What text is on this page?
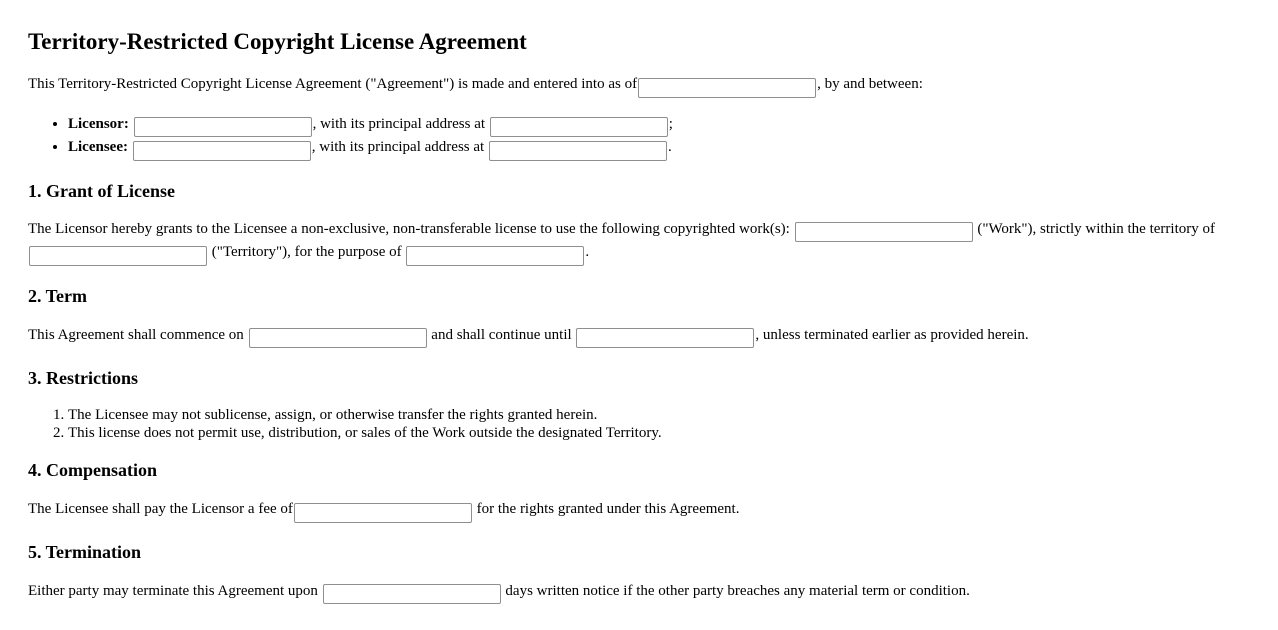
Territory-Restricted Copyright License Agreement

This Territory-Restricted Copyright License Agreement ("Agreement") is made and entered into as of	, by and between:

• Licensor:	, with its principal address at	;
• Licensee:	, with its principal address at	.
1. Grant of License

The Licensor hereby grants to the Licensee a non-exclusive, non-transferable license to use the following copyrighted work(s):	("Work"), strictly within the territory of  ("Territory"), for the purpose of	.

2. Term

This Agreement shall commence on	and shall continue until	, unless terminated earlier as provided herein.

3. Restrictions
1. The Licensee may not sublicense, assign, or otherwise transfer the rights granted herein.
2. This license does not permit use, distribution, or sales of the Work outside the designated Territory.
4. Compensation

The Licensee shall pay the Licensor a fee of	for the rights granted under this Agreement.

5. Termination

Either party may terminate this Agreement upon	days written notice if the other party breaches any material term or condition.
